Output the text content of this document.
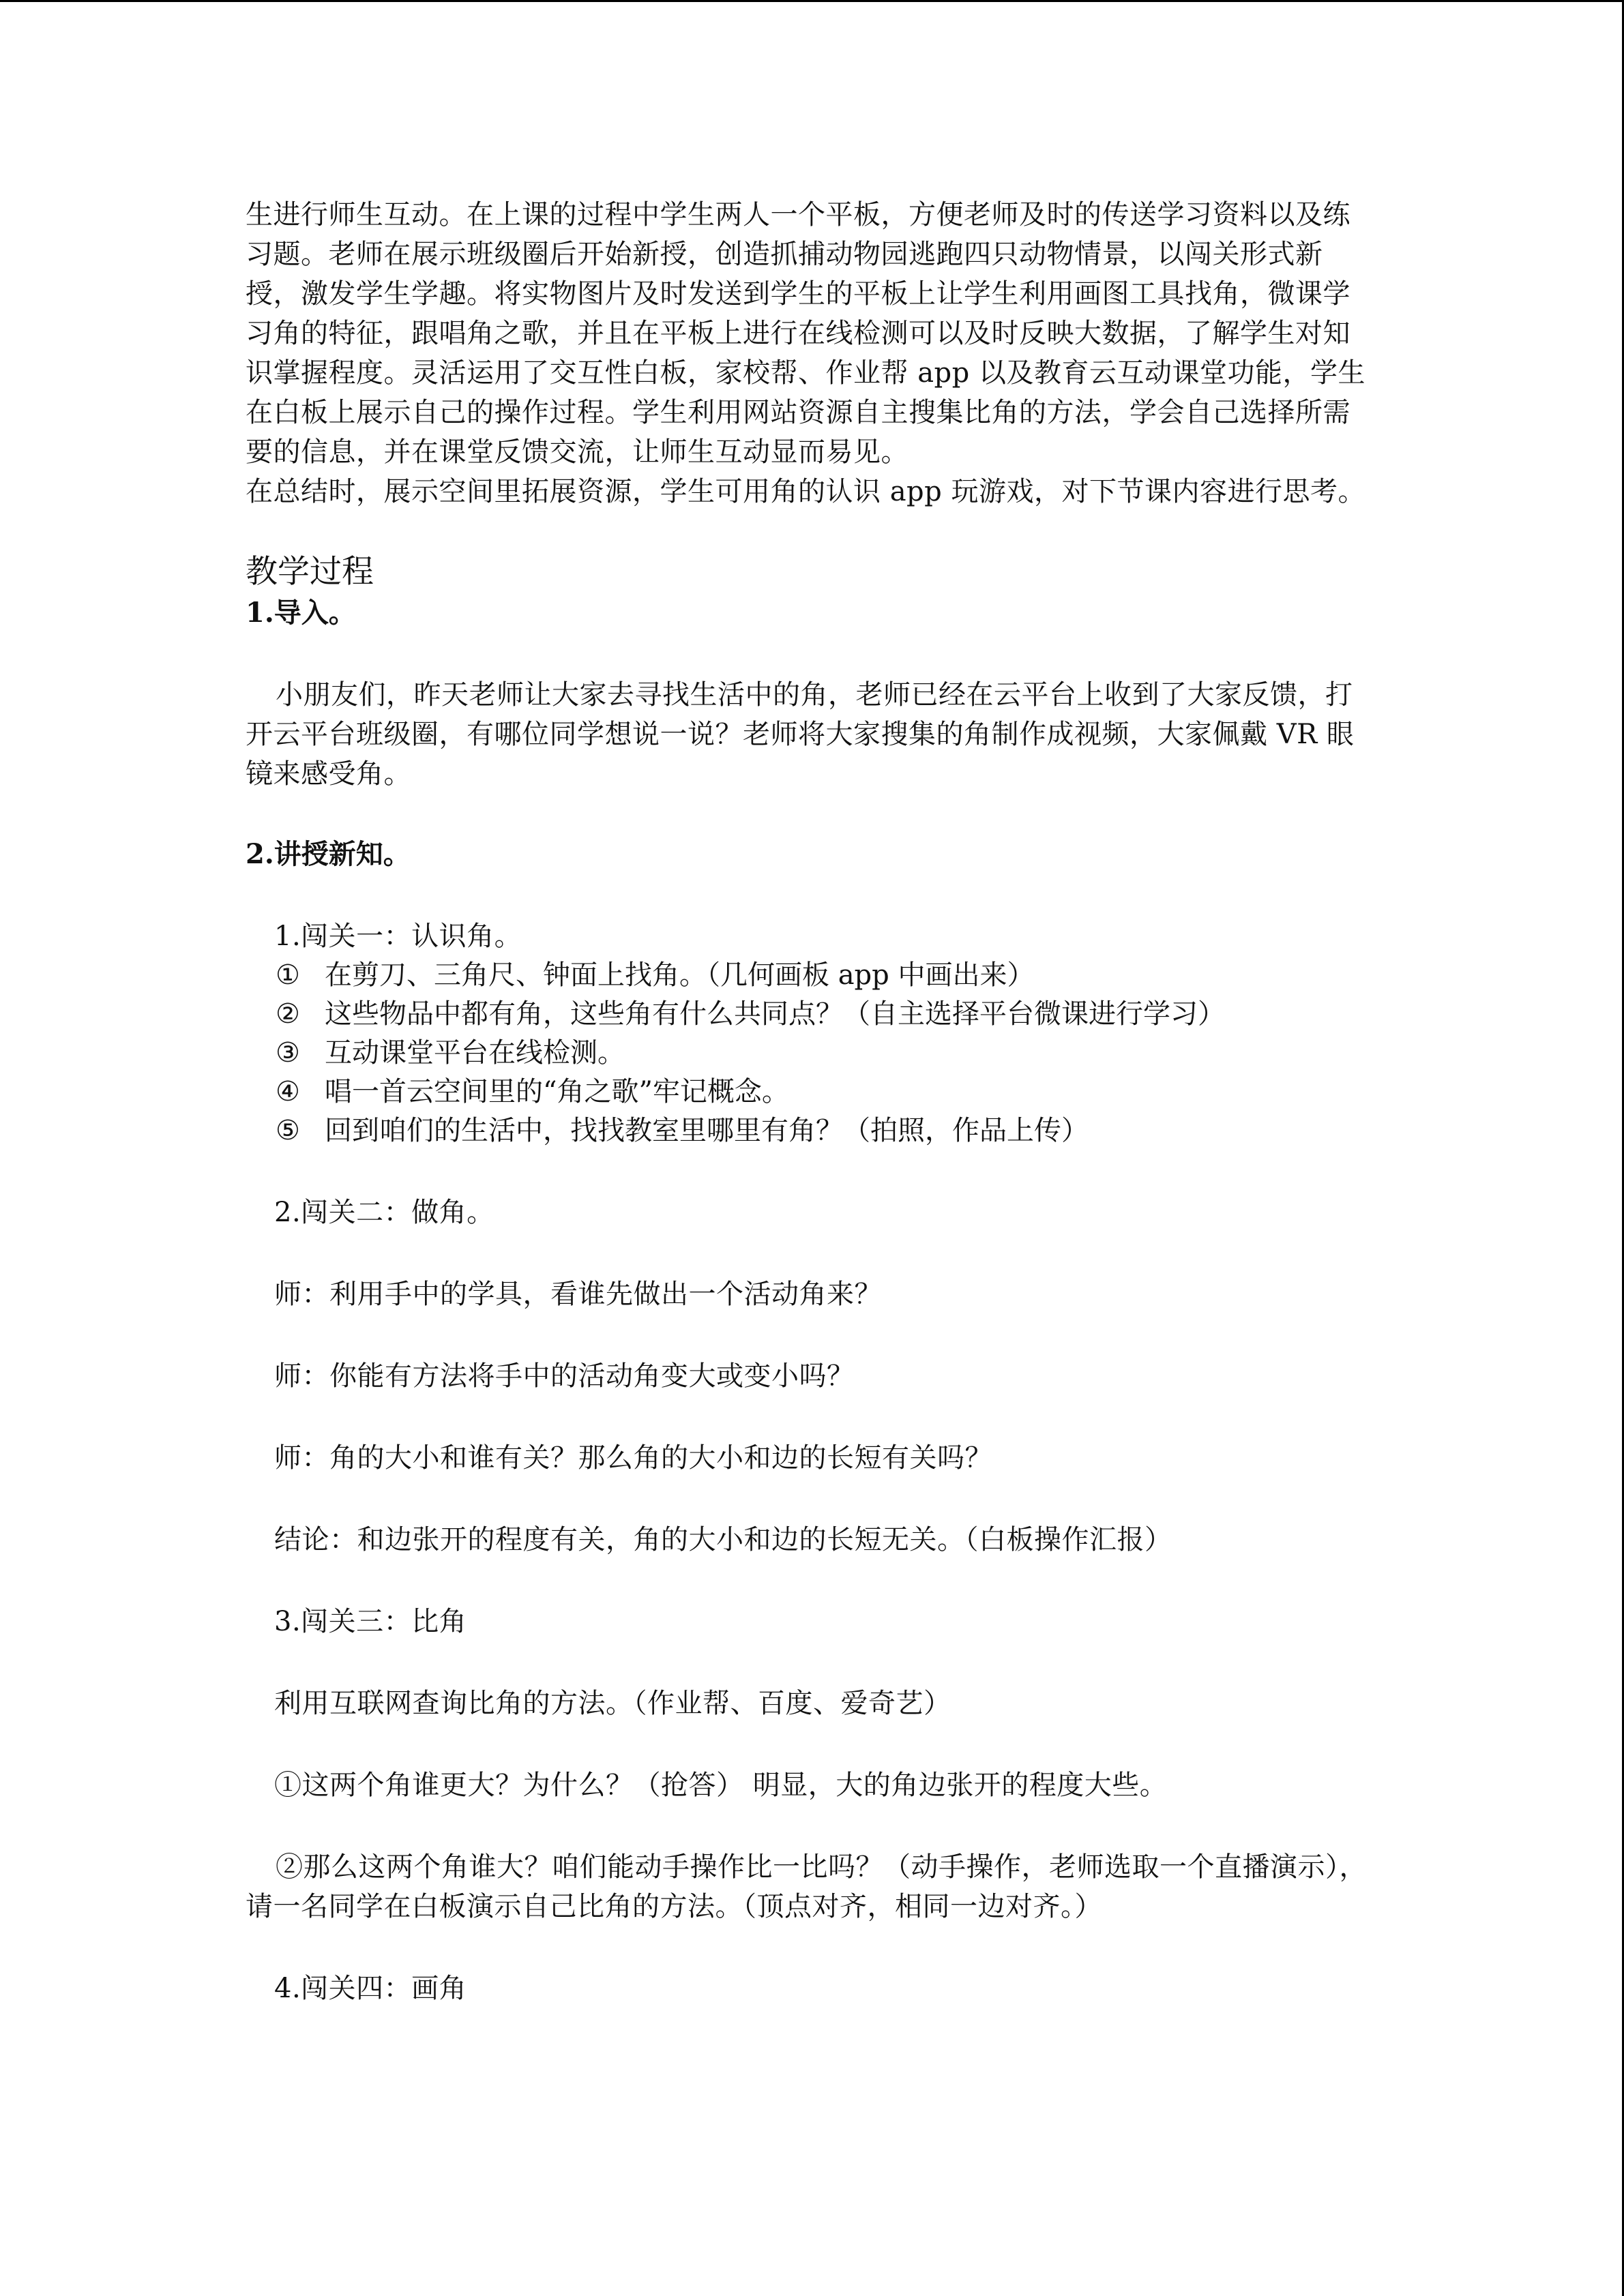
生进行师生互动。在上课的过程中学生两人一个平板，方便老师及时的传送学习资料以及练习题。老师在展示班级圈后开始新授，创造抓捕动物园逃跑四只动物情景，以闯关形式新授，激发学生学趣。将实物图片及时发送到学生的平板上让学生利用画图工具找角，微课学习角的特征，跟唱角之歌，并且在平板上进行在线检测可以及时反映大数据，了解学生对知识掌握程度。灵活运用了交互性白板，家校帮、作业帮 app 以及教育云互动课堂功能，学生在白板上展示自己的操作过程。学生利用网站资源自主搜集比角的方法，学会自己选择所需要的信息，并在课堂反馈交流，让师生互动显而易见。

在总结时，展示空间里拓展资源，学生可用角的认识 app 玩游戏，对下节课内容进行思考。

教学过程
1.导入。

小朋友们，昨天老师让大家去寻找生活中的角，老师已经在云平台上收到了大家反馈，打开云平台班级圈，有哪位同学想说一说？老师将大家搜集的角制作成视频，大家佩戴 VR 眼镜来感受角。

2.讲授新知。

1.闯关一：认识角。

① 在剪刀、三角尺、钟面上找角。（几何画板 app 中画出来）
② 这些物品中都有角，这些角有什么共同点？（自主选择平台微课进行学习）
③ 互动课堂平台在线检测。
④ 唱一首云空间里的“角之歌”牢记概念。
⑤ 回到咱们的生活中，找找教室里哪里有角？（拍照，作品上传）

2.闯关二：做角。

师：利用手中的学具，看谁先做出一个活动角来？

师：你能有方法将手中的活动角变大或变小吗？

师：角的大小和谁有关？那么角的大小和边的长短有关吗？

结论：和边张开的程度有关，角的大小和边的长短无关。（白板操作汇报）

3.闯关三：比角

利用互联网查询比角的方法。（作业帮、百度、爱奇艺）

①这两个角谁更大？为什么？（抢答） 明显，大的角边张开的程度大些。

②那么这两个角谁大？咱们能动手操作比一比吗？（动手操作，老师选取一个直播演示），请一名同学在白板演示自己比角的方法。（顶点对齐，相同一边对齐。）

4.闯关四：画角
